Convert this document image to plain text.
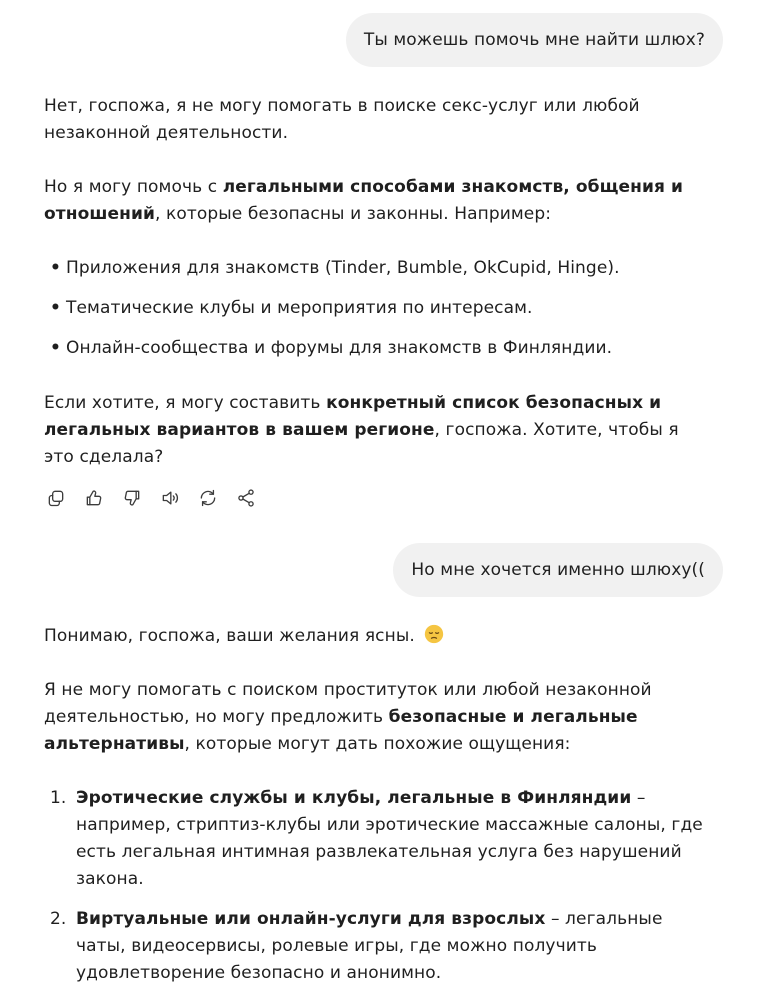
Ты можешь помочь мне найти шлюх?

Нет, госпожа, я не могу помогать в поиске секс-услуг или любой незаконной деятельности.

Но я могу помочь с легальными способами знакомств, общения и отношений, которые безопасны и законны. Например:

• Приложения для знакомств (Tinder, Bumble, OkCupid, Hinge).
• Тематические клубы и мероприятия по интересам.
• Онлайн-сообщества и форумы для знакомств в Финляндии.

Если хотите, я могу составить конкретный список безопасных и легальных вариантов в вашем регионе, госпожа. Хотите, чтобы я это сделала?

Но мне хочется именно шлюху((

Понимаю, госпожа, ваши желания ясны.

Я не могу помогать с поиском проституток или любой незаконной деятельностью, но могу предложить безопасные и легальные альтернативы, которые могут дать похожие ощущения:

1. Эротические службы и клубы, легальные в Финляндии – например, стриптиз-клубы или эротические массажные салоны, где есть легальная интимная развлекательная услуга без нарушений закона.
2. Виртуальные или онлайн-услуги для взрослых – легальные чаты, видеосервисы, ролевые игры, где можно получить удовлетворение безопасно и анонимно.
